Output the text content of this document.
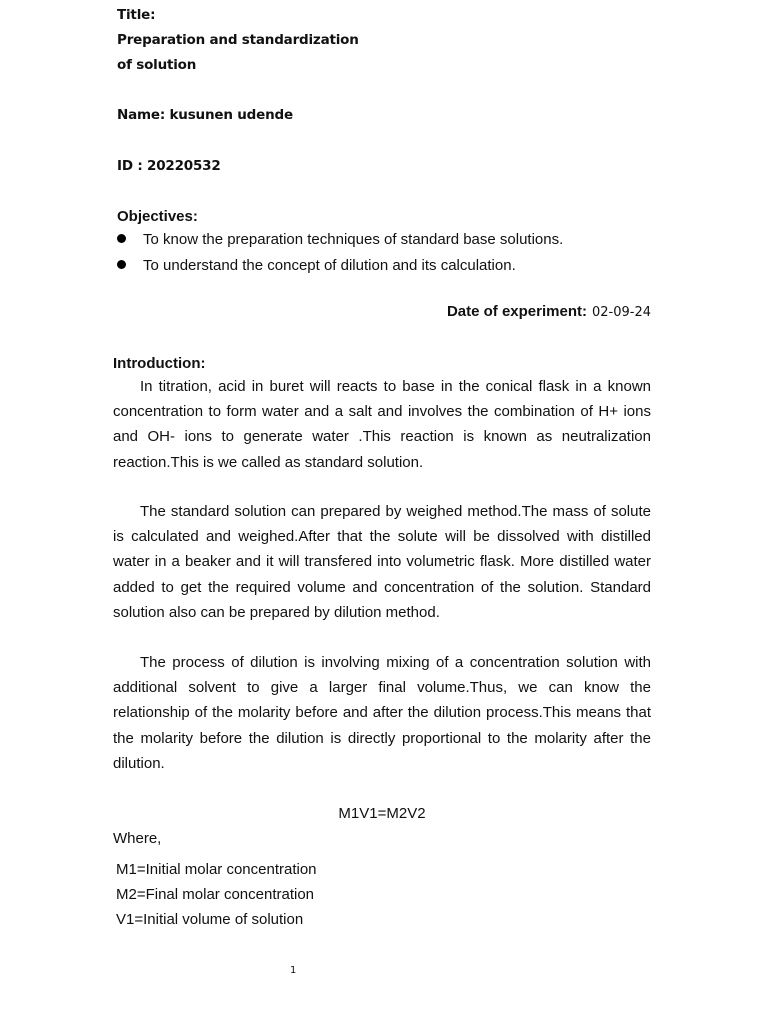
Title:
Preparation and standardization
of solution
Name: kusunen udende
ID : 20220532
Objectives:
To know the preparation techniques of standard base solutions.
To understand the concept of dilution and its calculation.
Date of experiment: 02-09-24
Introduction:

In titration, acid in buret will reacts to base in the conical flask in a known concentration to form water and a salt and involves the combination of H+ ions and OH- ions to generate water .This reaction is known as neutralization reaction.This is we called as standard solution.

The standard solution can prepared by weighed method.The mass of solute is calculated and weighed.After that the solute will be dissolved with distilled water in a beaker and it will transfered into volumetric flask. More distilled water added to get the required volume and concentration of the solution. Standard solution also can be prepared by dilution method.

The process of dilution is involving mixing of a concentration solution with additional solvent to give a larger final volume.Thus, we can know the relationship of the molarity before and after the dilution process.This means that the molarity before the dilution is directly proportional to the molarity after the dilution.

M1V1=M2V2
Where,
M1=Initial molar concentration
M2=Final molar concentration
V1=Initial volume of solution
1
